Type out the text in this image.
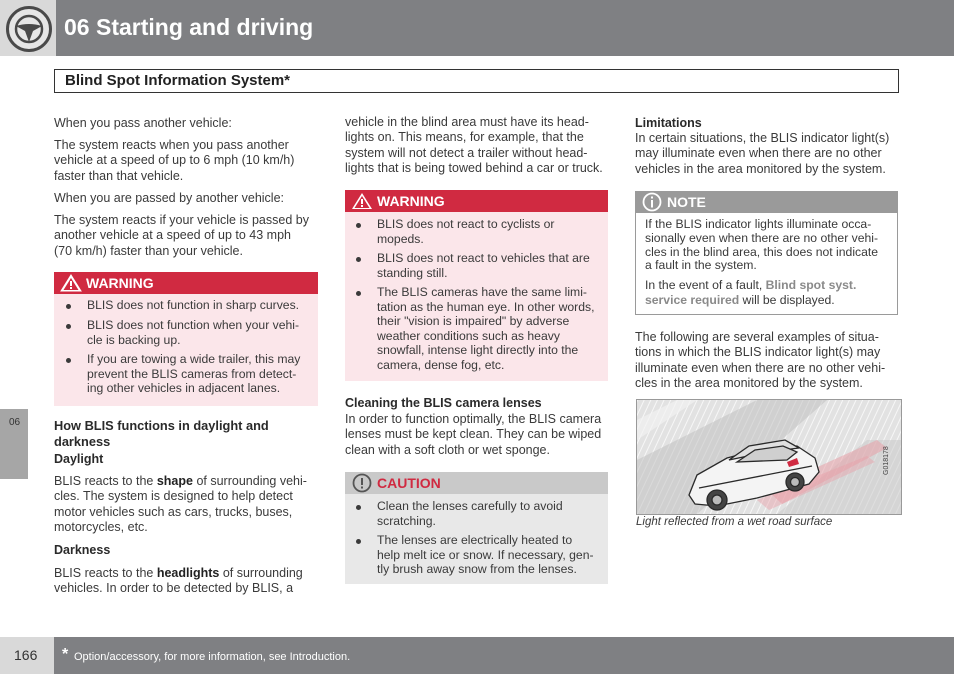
06 Starting and driving
Blind Spot Information System*
06
When you pass another vehicle:
The system reacts when you pass another
vehicle at a speed of up to 6 mph (10 km/h)
faster than that vehicle.
When you are passed by another vehicle:
The system reacts if your vehicle is passed by
another vehicle at a speed of up to 43 mph
(70 km/h) faster than your vehicle.
WARNING
BLIS does not function in sharp curves.
BLIS does not function when your vehi-
cle is backing up.
If you are towing a wide trailer, this may
prevent the BLIS cameras from detect-
ing other vehicles in adjacent lanes.
How BLIS functions in daylight and
darkness
Daylight
BLIS reacts to the shape of surrounding vehi-
cles. The system is designed to help detect
motor vehicles such as cars, trucks, buses,
motorcycles, etc.
Darkness
BLIS reacts to the headlights of surrounding
vehicles. In order to be detected by BLIS, a
vehicle in the blind area must have its head-
lights on. This means, for example, that the
system will not detect a trailer without head-
lights that is being towed behind a car or truck.
WARNING
BLIS does not react to cyclists or
mopeds.
BLIS does not react to vehicles that are
standing still.
The BLIS cameras have the same limi-
tation as the human eye. In other words,
their "vision is impaired" by adverse
weather conditions such as heavy
snowfall, intense light directly into the
camera, dense fog, etc.
Cleaning the BLIS camera lenses
In order to function optimally, the BLIS camera
lenses must be kept clean. They can be wiped
clean with a soft cloth or wet sponge.
CAUTION
Clean the lenses carefully to avoid
scratching.
The lenses are electrically heated to
help melt ice or snow. If necessary, gen-
tly brush away snow from the lenses.
Limitations
In certain situations, the BLIS indicator light(s)
may illuminate even when there are no other
vehicles in the area monitored by the system.
NOTE
If the BLIS indicator lights illuminate occa-
sionally even when there are no other vehi-
cles in the blind area, this does not indicate
a fault in the system.
In the event of a fault, Blind spot syst.
service required will be displayed.
The following are several examples of situa-
tions in which the BLIS indicator light(s) may
illuminate even when there are no other vehi-
cles in the area monitored by the system.
G018178
Light reflected from a wet road surface
166 * Option/accessory, for more information, see Introduction.
